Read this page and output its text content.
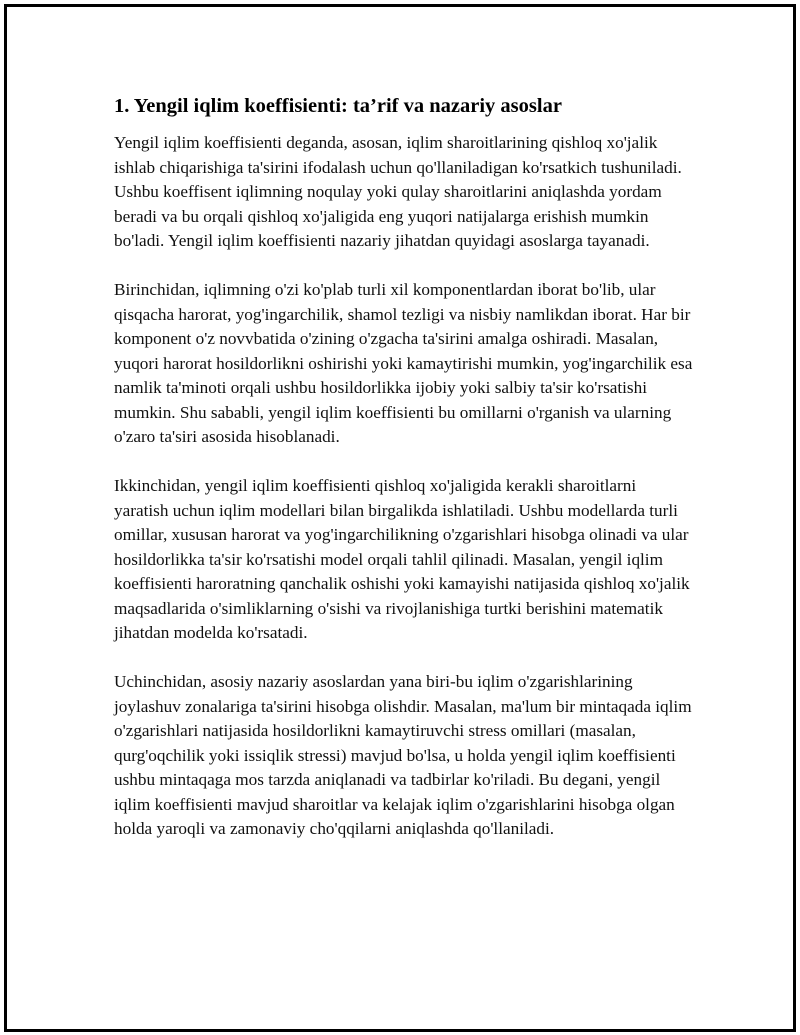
1. Yengil iqlim koeffisienti: ta’rif va nazariy asoslar

Yengil iqlim koeffisienti deganda, asosan, iqlim sharoitlarining qishloq xo'jalik ishlab chiqarishiga ta'sirini ifodalash uchun qo'llaniladigan ko'rsatkich tushuniladi. Ushbu koeffisent iqlimning noqulay yoki qulay sharoitlarini aniqlashda yordam beradi va bu orqali qishloq xo'jaligida eng yuqori natijalarga erishish mumkin bo'ladi. Yengil iqlim koeffisienti nazariy jihatdan quyidagi asoslarga tayanadi.

Birinchidan, iqlimning o'zi ko'plab turli xil komponentlardan iborat bo'lib, ular qisqacha harorat, yog'ingarchilik, shamol tezligi va nisbiy namlikdan iborat. Har bir komponent o'z novvbatida o'zining o'zgacha ta'sirini amalga oshiradi. Masalan, yuqori harorat hosildorlikni oshirishi yoki kamaytirishi mumkin, yog'ingarchilik esa namlik ta'minoti orqali ushbu hosildorlikka ijobiy yoki salbiy ta'sir ko'rsatishi mumkin. Shu sababli, yengil iqlim koeffisienti bu omillarni o'rganish va ularning o'zaro ta'siri asosida hisoblanadi.

Ikkinchidan, yengil iqlim koeffisienti qishloq xo'jaligida kerakli sharoitlarni yaratish uchun iqlim modellari bilan birgalikda ishlatiladi. Ushbu modellarda turli omillar, xususan harorat va yog'ingarchilikning o'zgarishlari hisobga olinadi va ular hosildorlikka ta'sir ko'rsatishi model orqali tahlil qilinadi. Masalan, yengil iqlim koeffisienti haroratning qanchalik oshishi yoki kamayishi natijasida qishloq xo'jalik maqsadlarida o'simliklarning o'sishi va rivojlanishiga turtki berishini matematik jihatdan modelda ko'rsatadi.

Uchinchidan, asosiy nazariy asoslardan yana biri-bu iqlim o'zgarishlarining joylashuv zonalariga ta'sirini hisobga olishdir. Masalan, ma'lum bir mintaqada iqlim o'zgarishlari natijasida hosildorlikni kamaytiruvchi stress omillari (masalan, qurg'oqchilik yoki issiqlik stressi) mavjud bo'lsa, u holda yengil iqlim koeffisienti ushbu mintaqaga mos tarzda aniqlanadi va tadbirlar ko'riladi. Bu degani, yengil iqlim koeffisienti mavjud sharoitlar va kelajak iqlim o'zgarishlarini hisobga olgan holda yaroqli va zamonaviy cho'qqilarni aniqlashda qo'llaniladi.
